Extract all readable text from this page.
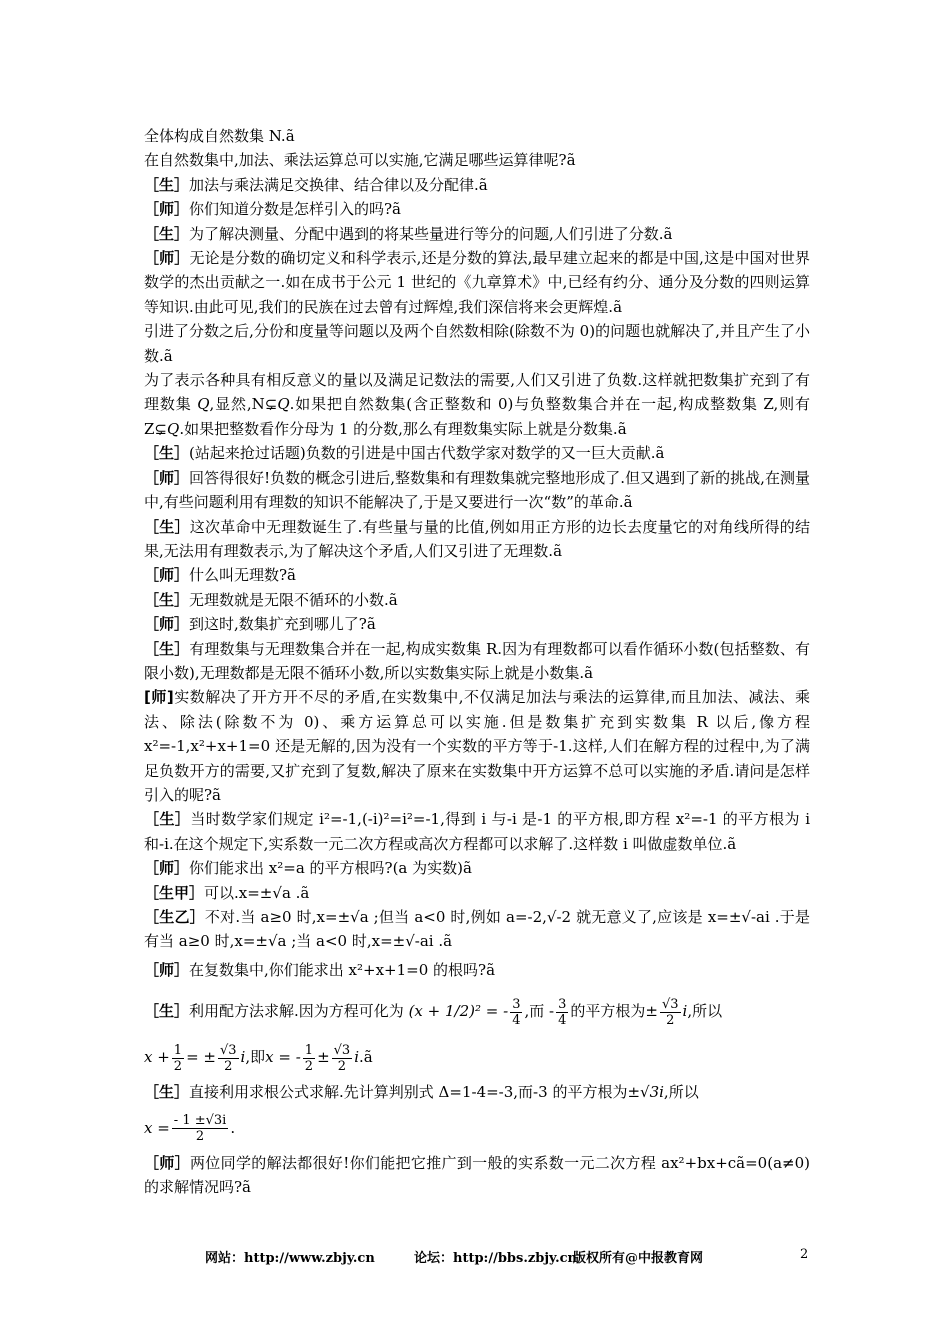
全体构成自然数集 N.ã

在自然数集中,加法、乘法运算总可以实施,它满足哪些运算律呢?ã

［生］加法与乘法满足交换律、结合律以及分配律.ã

［师］你们知道分数是怎样引入的吗?ã

［生］为了解决测量、分配中遇到的将某些量进行等分的问题,人们引进了分数.ã

［师］无论是分数的确切定义和科学表示,还是分数的算法,最早建立起来的都是中国,这是中国对世界数学的杰出贡献之一.如在成书于公元 1 世纪的《九章算术》中,已经有约分、通分及分数的四则运算等知识.由此可见,我们的民族在过去曾有过辉煌,我们深信将来会更辉煌.ã

引进了分数之后,分份和度量等问题以及两个自然数相除(除数不为 0)的问题也就解决了,并且产生了小数.ã

为了表示各种具有相反意义的量以及满足记数法的需要,人们又引进了负数.这样就把数集扩充到了有理数集 Q,显然,N⊊Q.如果把自然数集(含正整数和 0)与负整数集合并在一起,构成整数集 Z,则有 Z⊊Q.如果把整数看作分母为 1 的分数,那么有理数集实际上就是分数集.ã

［生］(站起来抢过话题)负数的引进是中国古代数学家对数学的又一巨大贡献.ã

［师］回答得很好!负数的概念引进后,整数集和有理数集就完整地形成了.但又遇到了新的挑战,在测量中,有些问题利用有理数的知识不能解决了,于是又要进行一次“数”的革命.ã

［生］这次革命中无理数诞生了.有些量与量的比值,例如用正方形的边长去度量它的对角线所得的结果,无法用有理数表示,为了解决这个矛盾,人们又引进了无理数.ã

［师］什么叫无理数?ã

［生］无理数就是无限不循环的小数.ã

［师］到这时,数集扩充到哪儿了?ã

［生］有理数集与无理数集合并在一起,构成实数集 R.因为有理数都可以看作循环小数(包括整数、有限小数),无理数都是无限不循环小数,所以实数集实际上就是小数集.ã

[师]实数解决了开方开不尽的矛盾,在实数集中,不仅满足加法与乘法的运算律,而且加法、减法、乘法、除法(除数不为 0)、乘方运算总可以实施.但是数集扩充到实数集 R 以后,像方程 x²=-1,x²+x+1=0 还是无解的,因为没有一个实数的平方等于-1.这样,人们在解方程的过程中,为了满足负数开方的需要,又扩充到了复数,解决了原来在实数集中开方运算不总可以实施的矛盾.请问是怎样引入的呢?ã

［生］当时数学家们规定 i²=-1,(-i)²=i²=-1,得到 i 与-i 是-1 的平方根,即方程 x²=-1 的平方根为 i 和-i.在这个规定下,实系数一元二次方程或高次方程都可以求解了.这样数 i 叫做虚数单位.ã

［师］你们能求出 x²=a 的平方根吗?(a 为实数)ã

［生甲］可以.x=±√a .ã

［生乙］不对.当 a≥0 时,x=±√a ;但当 a<0 时,例如 a=-2,√-2 就无意义了,应该是 x=±√-ai .于是有当 a≥0 时,x=±√a ;当 a<0 时,x=±√-ai .ã

［师］在复数集中,你们能求出 x²+x+1=0 的根吗?ã

［生］利用配方法求解.因为方程可化为 (x + 1/2)² = - $\frac{3}{4}$ ,而 - $\frac{3}{4}$ 的平方根为± $\frac{√3}{2} i$,所以

$x + \frac{1}{2}$ = ± $\frac{√3}{2} i$,即x = - $\frac{1}{2} \pm \frac{√3}{2}$ i.ã

［生］直接利用求根公式求解.先计算判别式 Δ=1-4=-3,而-3 的平方根为±√3i,所以

$x = \frac{- 1 \pm√3i}{2}$ .

［师］两位同学的解法都很好!你们能把它推广到一般的实系数一元二次方程 ax²+bx+cã=0(a≠0)的求解情况吗?ã

网站：http://www.zbjy.cn	论坛：http://bbs.zbjy.cn
版权所有@中报教育网	2
